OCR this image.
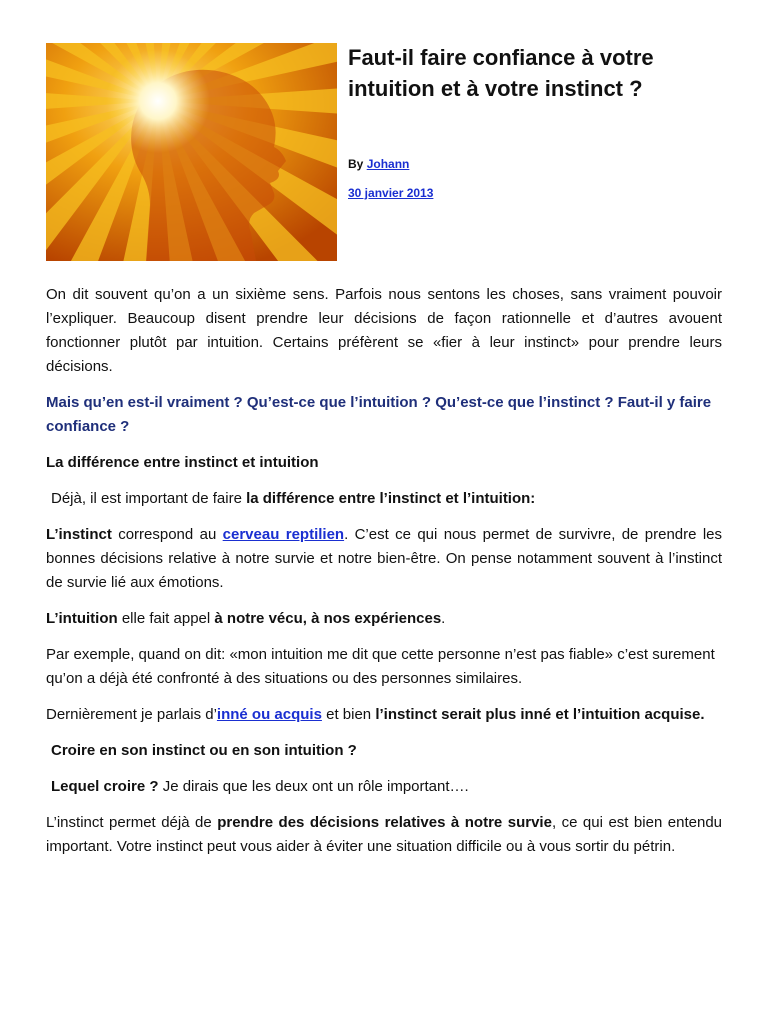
Faut-il faire confiance à votre intuition et à votre instinct ?
By Johann
30 janvier 2013

On dit souvent qu’on a un sixième sens. Parfois nous sentons les choses, sans vraiment pouvoir l’expliquer. Beaucoup disent prendre leur décisions de façon rationnelle et d’autres avouent fonctionner plutôt par intuition. Certains préfèrent se «fier à leur instinct» pour prendre leurs décisions.

Mais qu’en est-il vraiment ? Qu’est-ce que l’intuition ? Qu’est-ce que l’instinct ? Faut-il y faire confiance ?

La différence entre instinct et intuition

Déjà, il est important de faire la différence entre l’instinct et l’intuition:

L’instinct correspond au cerveau reptilien. C’est ce qui nous permet de survivre, de prendre les bonnes décisions relative à notre survie et notre bien-être. On pense notamment souvent à l’instinct de survie lié aux émotions.

L’intuition elle fait appel à notre vécu, à nos expériences.

Par exemple, quand on dit: «mon intuition me dit que cette personne n’est pas fiable» c’est surement qu’on a déjà été confronté à des situations ou des personnes similaires.

Dernièrement je parlais d’inné ou acquis et bien l’instinct serait plus inné et l’intuition acquise.

Croire en son instinct ou en son intuition ?

Lequel croire ? Je dirais que les deux ont un rôle important….

L’instinct permet déjà de prendre des décisions relatives à notre survie, ce qui est bien entendu important. Votre instinct peut vous aider à éviter une situation difficile ou à vous sortir du pétrin.
